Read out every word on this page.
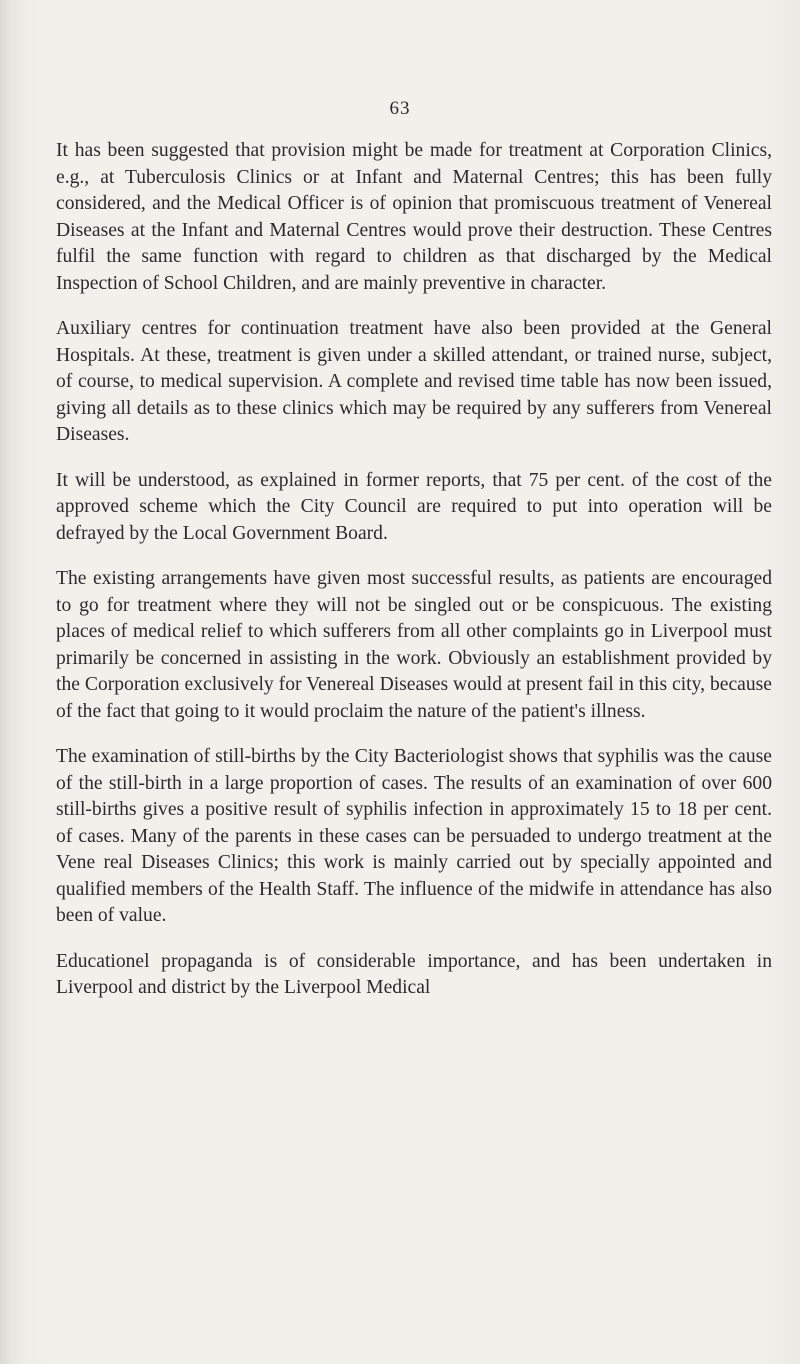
63

It has been suggested that provision might be made for treatment at Corporation Clinics, e.g., at Tuberculosis Clinics or at Infant and Maternal Centres; this has been fully considered, and the Medical Officer is of opinion that promiscuous treatment of Venereal Diseases at the Infant and Maternal Centres would prove their destruction. These Centres fulfil the same function with regard to children as that discharged by the Medical Inspection of School Children, and are mainly preventive in character.

Auxiliary centres for continuation treatment have also been provided at the General Hospitals. At these, treatment is given under a skilled attendant, or trained nurse, subject, of course, to medical supervision. A complete and revised time table has now been issued, giving all details as to these clinics which may be required by any sufferers from Venereal Diseases.

It will be understood, as explained in former reports, that 75 per cent. of the cost of the approved scheme which the City Council are required to put into operation will be defrayed by the Local Government Board.

The existing arrangements have given most successful results, as patients are encouraged to go for treatment where they will not be singled out or be conspicuous. The existing places of medical relief to which sufferers from all other complaints go in Liverpool must primarily be concerned in assisting in the work. Obviously an establishment provided by the Corporation exclusively for Venereal Diseases would at present fail in this city, because of the fact that going to it would proclaim the nature of the patient's illness.

The examination of still-births by the City Bacteriologist shows that syphilis was the cause of the still-birth in a large proportion of cases. The results of an examination of over 600 still-births gives a positive result of syphilis infection in approximately 15 to 18 per cent. of cases. Many of the parents in these cases can be persuaded to undergo treatment at the Vene real Diseases Clinics; this work is mainly carried out by specially appointed and qualified members of the Health Staff. The influence of the midwife in attendance has also been of value.

Educationel propaganda is of considerable importance, and has been undertaken in Liverpool and district by the Liverpool Medical
